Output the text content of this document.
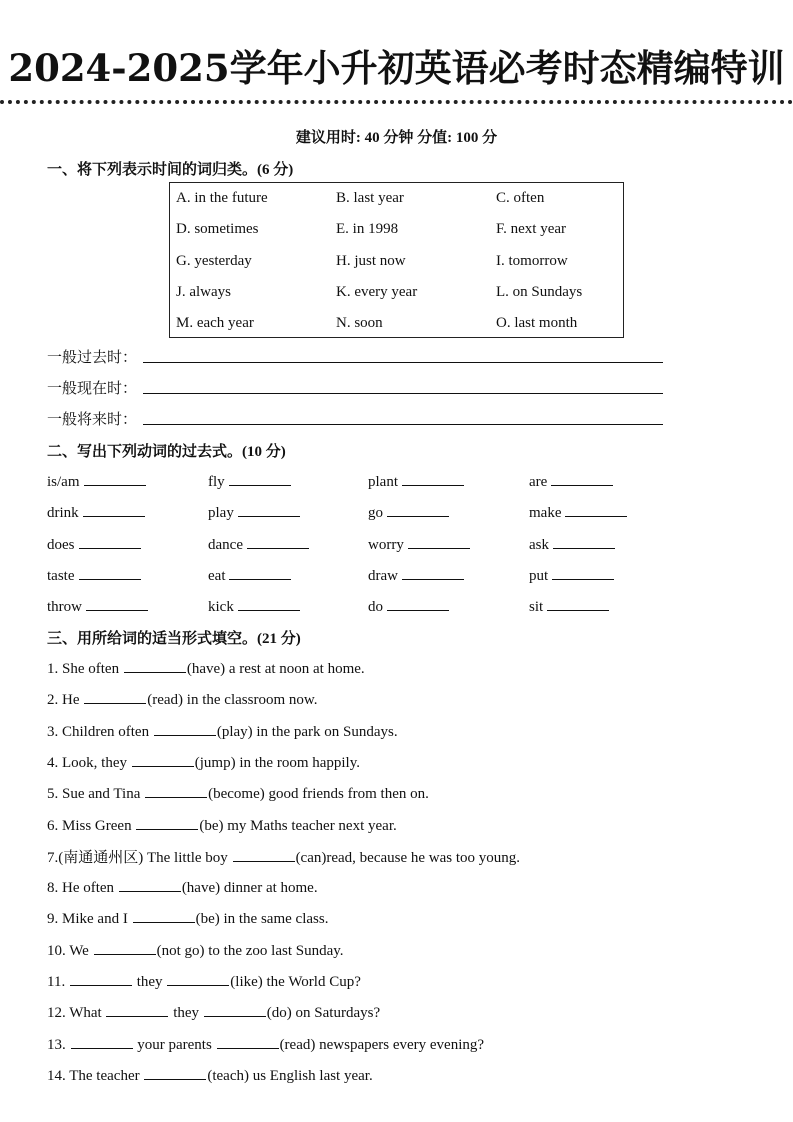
2024-2025学年小升初英语必考时态精编特训
建议用时: 40 分钟 分值: 100 分
一、将下列表示时间的词归类。(6 分)
A. in the future	B. last year	C. often
D. sometimes	E. in 1998	F. next year
G. yesterday	H. just now	I. tomorrow
J. always	K. every year	L. on Sundays
M. each year	N. soon	O. last month
一般过去时：
一般现在时：
一般将来时：
二、写出下列动词的过去式。(10 分)
is/am	fly	plant	are
drink	play	go	make
does	dance	worry	ask
taste	eat	draw	put
throw	kick	do	sit
三、用所给词的适当形式填空。(21 分)
1. She often	(have) a rest at noon at home.
2. He	(read) in the classroom now.
3. Children often	(play) in the park on Sundays.
4. Look, they	(jump) in the room happily.
5. Sue and Tina	(become) good friends from then on.
6. Miss Green	(be) my Maths teacher next year.
7.(南通通州区) The little boy	(can)read, because he was too young.
8. He often	(have) dinner at home.
9. Mike and I	(be) in the same class.
10. We	(not go) to the zoo last Sunday.
11.	they	(like) the World Cup?
12. What	they	(do) on Saturdays?
13.	your parents	(read) newspapers every evening?
14. The teacher	(teach) us English last year.
